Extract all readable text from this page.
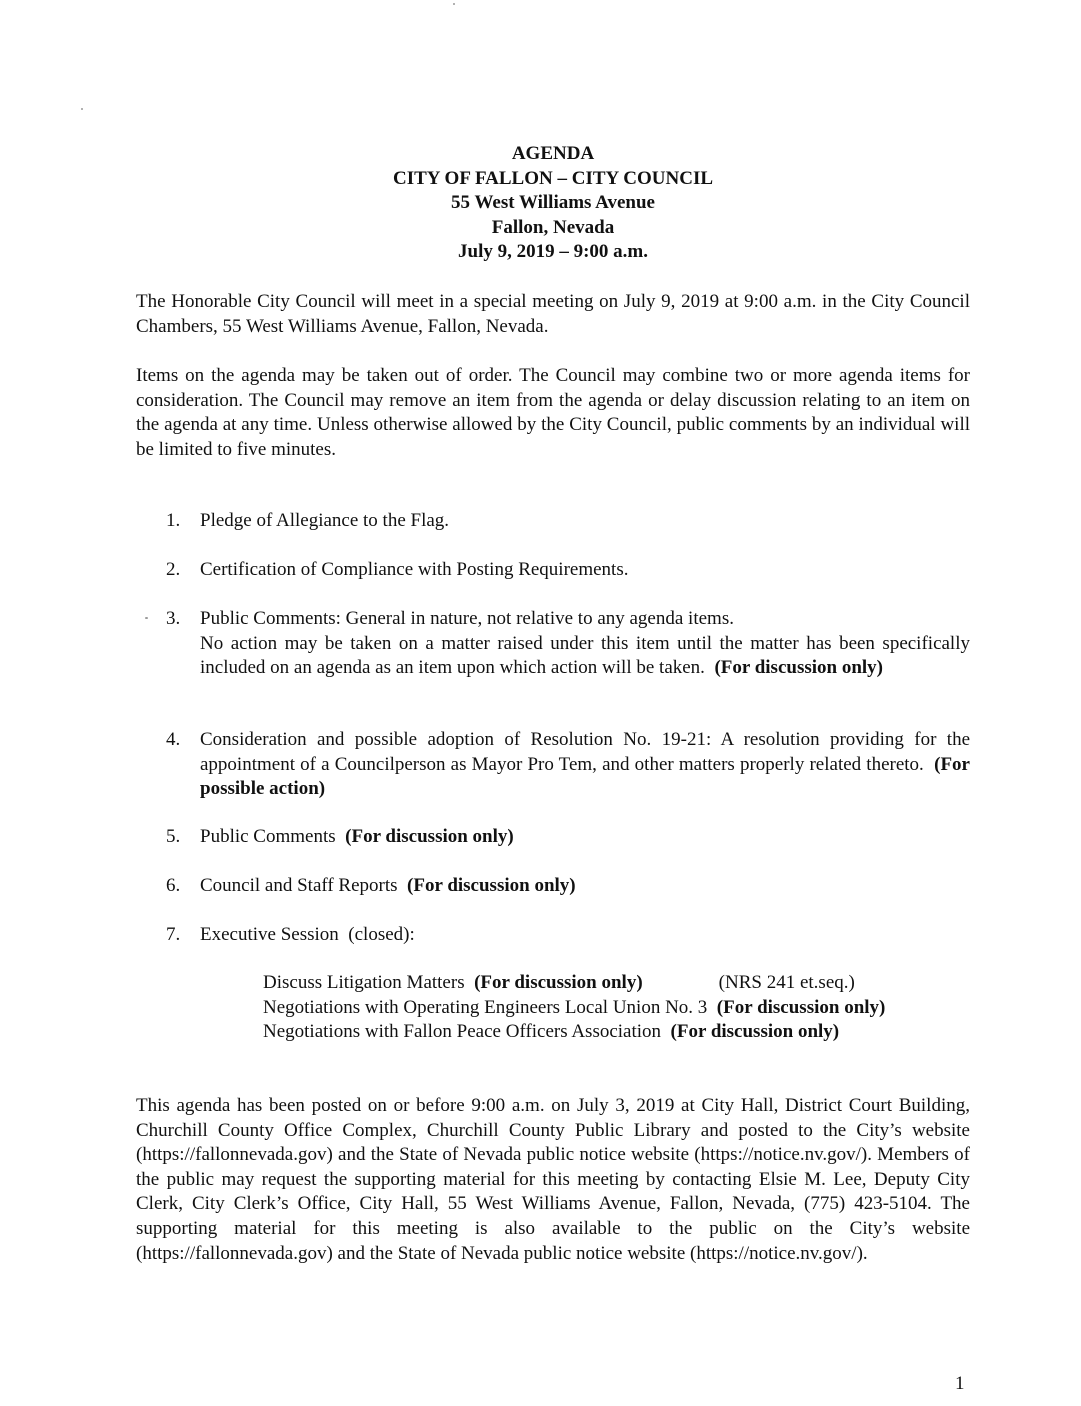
AGENDA
CITY OF FALLON – CITY COUNCIL
55 West Williams Avenue
Fallon, Nevada
July 9, 2019 – 9:00 a.m.
The Honorable City Council will meet in a special meeting on July 9, 2019 at 9:00 a.m. in the City Council Chambers, 55 West Williams Avenue, Fallon, Nevada.
Items on the agenda may be taken out of order. The Council may combine two or more agenda items for consideration. The Council may remove an item from the agenda or delay discussion relating to an item on the agenda at any time. Unless otherwise allowed by the City Council, public comments by an individual will be limited to five minutes.
1.	Pledge of Allegiance to the Flag.
2.	Certification of Compliance with Posting Requirements.
3.	Public Comments: General in nature, not relative to any agenda items.
No action may be taken on a matter raised under this item until the matter has been specifically included on an agenda as an item upon which action will be taken. (For discussion only)
4.	Consideration and possible adoption of Resolution No. 19-21: A resolution providing for the appointment of a Councilperson as Mayor Pro Tem, and other matters properly related thereto. (For possible action)
5.	Public Comments (For discussion only)
6.	Council and Staff Reports (For discussion only)
7.	Executive Session  (closed):
Discuss Litigation Matters (For discussion only)	(NRS 241 et.seq.)
Negotiations with Operating Engineers Local Union No. 3 (For discussion only)
Negotiations with Fallon Peace Officers Association (For discussion only)
This agenda has been posted on or before 9:00 a.m. on July 3, 2019 at City Hall, District Court Building, Churchill County Office Complex, Churchill County Public Library and posted to the City’s website (https://fallonnevada.gov) and the State of Nevada public notice website (https://notice.nv.gov/). Members of the public may request the supporting material for this meeting by contacting Elsie M. Lee, Deputy City Clerk, City Clerk’s Office, City Hall, 55 West Williams Avenue, Fallon, Nevada, (775) 423-5104. The supporting material for this meeting is also available to the public on the City’s website (https://fallonnevada.gov) and the State of Nevada public notice website (https://notice.nv.gov/).
1
